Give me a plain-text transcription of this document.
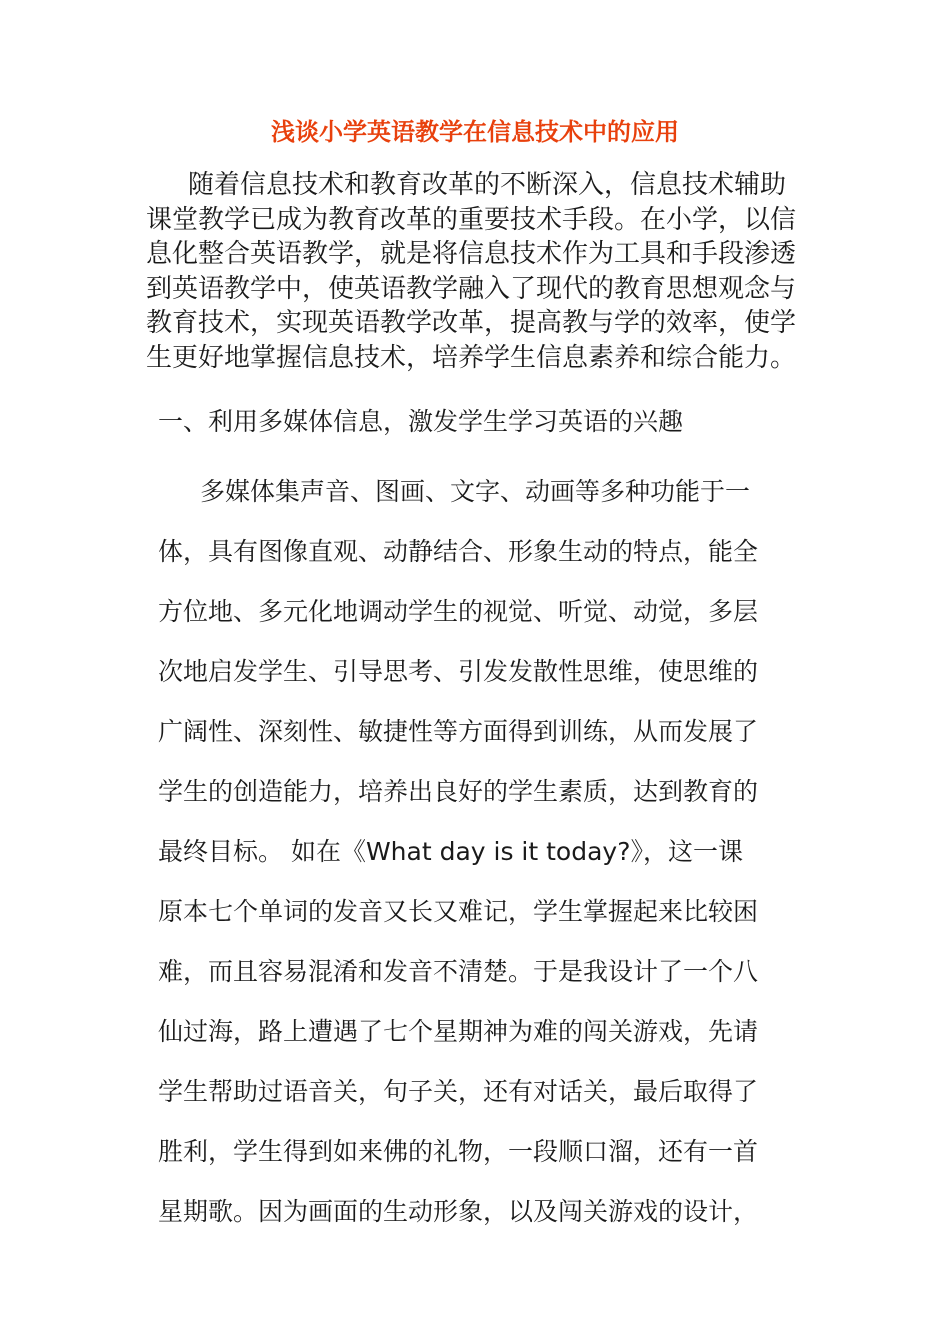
浅谈小学英语教学在信息技术中的应用
随着信息技术和教育改革的不断深入，信息技术辅助
课堂教学已成为教育改革的重要技术手段。在小学，以信
息化整合英语教学，就是将信息技术作为工具和手段渗透
到英语教学中，使英语教学融入了现代的教育思想观念与
教育技术，实现英语教学改革，提高教与学的效率，使学
生更好地掌握信息技术，培养学生信息素养和综合能力。
一、利用多媒体信息，激发学生学习英语的兴趣
多媒体集声音、图画、文字、动画等多种功能于一
体，具有图像直观、动静结合、形象生动的特点，能全
方位地、多元化地调动学生的视觉、听觉、动觉，多层
次地启发学生、引导思考、引发发散性思维，使思维的
广阔性、深刻性、敏捷性等方面得到训练，从而发展了
学生的创造能力，培养出良好的学生素质，达到教育的
最终目标。 如在《What day is it today?》，这一课
原本七个单词的发音又长又难记，学生掌握起来比较困
难，而且容易混淆和发音不清楚。于是我设计了一个八
仙过海，路上遭遇了七个星期神为难的闯关游戏，先请
学生帮助过语音关，句子关，还有对话关，最后取得了
胜利，学生得到如来佛的礼物，一段顺口溜，还有一首
星期歌。因为画面的生动形象，以及闯关游戏的设计，
